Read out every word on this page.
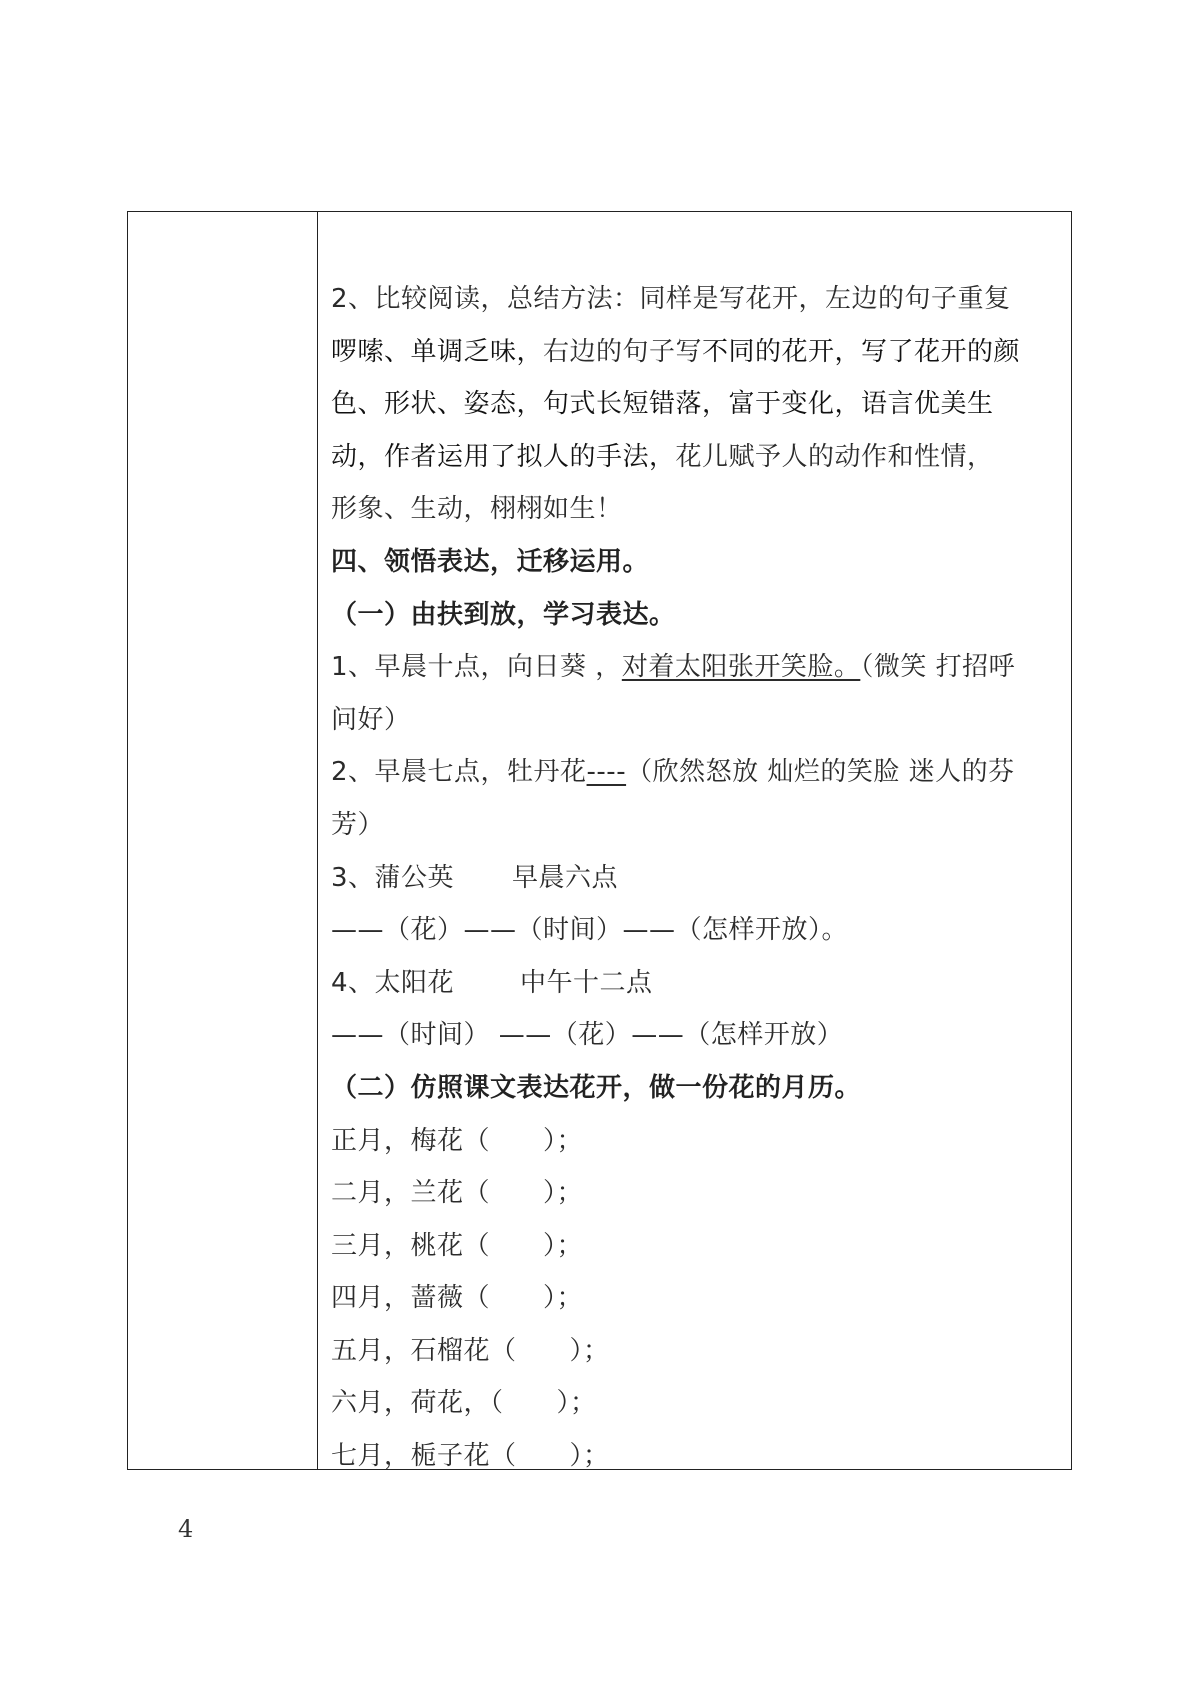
2、比较阅读，总结方法：同样是写花开，左边的句子重复
啰嗦、单调乏味，右边的句子写不同的花开，写了花开的颜
色、形状、姿态，句式长短错落，富于变化，语言优美生
动，作者运用了拟人的手法，花儿赋予人的动作和性情，
形象、生动，栩栩如生！
四、领悟表达，迁移运用。
（一）由扶到放，学习表达。
1、早晨十点，向日葵 ，对着太阳张开笑脸。（微笑 打招呼
问好）
2、早晨七点，牡丹花----（欣然怒放 灿烂的笑脸 迷人的芬
芳）
3、蒲公英 早晨六点
——（花）——（时间）——（怎样开放）。
4、太阳花	中午十二点
——（时间） ——（花）——（怎样开放）
（二）仿照课文表达花开，做一份花的月历。
正月，梅花（　　）；
二月，兰花（　　）；
三月，桃花（　　）；
四月，蔷薇（　　）；
五月，石榴花（　　）；
六月，荷花，（　　）；
七月，栀子花（　　）；
4
